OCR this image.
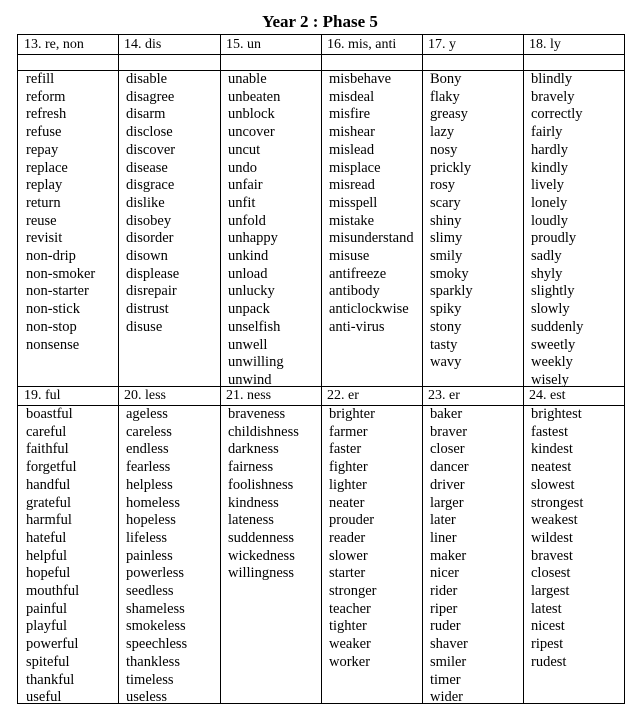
Year 2 : Phase 5
13. re, non
refill
reform
refresh
refuse
repay
replace
replay
return
reuse
revisit
non-drip
non-smoker
non-starter
non-stick
non-stop
nonsense
14. dis
disable
disagree
disarm
disclose
discover
disease
disgrace
dislike
disobey
disorder
disown
displease
disrepair
distrust
disuse
15. un
unable
unbeaten
unblock
uncover
uncut
undo
unfair
unfit
unfold
unhappy
unkind
unload
unlucky
unpack
unselfish
unwell
unwilling
unwind
16. mis, anti
misbehave
misdeal
misfire
mishear
mislead
misplace
misread
misspell
mistake
misunderstand
misuse
antifreeze
antibody
anticlockwise
anti-virus
17. y
Bony
flaky
greasy
lazy
nosy
prickly
rosy
scary
shiny
slimy
smily
smoky
sparkly
spiky
stony
tasty
wavy
18. ly
blindly
bravely
correctly
fairly
hardly
kindly
lively
lonely
loudly
proudly
sadly
shyly
slightly
slowly
suddenly
sweetly
weekly
wisely
19. ful
boastful
careful
faithful
forgetful
handful
grateful
harmful
hateful
helpful
hopeful
mouthful
painful
playful
powerful
spiteful
thankful
useful
20. less
ageless
careless
endless
fearless
helpless
homeless
hopeless
lifeless
painless
powerless
seedless
shameless
smokeless
speechless
thankless
timeless
useless
21. ness
braveness
childishness
darkness
fairness
foolishness
kindness
lateness
suddenness
wickedness
willingness
22. er
brighter
farmer
faster
fighter
lighter
neater
prouder
reader
slower
starter
stronger
teacher
tighter
weaker
worker
23. er
baker
braver
closer
dancer
driver
larger
later
liner
maker
nicer
rider
riper
ruder
shaver
smiler
timer
wider
24. est
brightest
fastest
kindest
neatest
slowest
strongest
weakest
wildest
bravest
closest
largest
latest
nicest
ripest
rudest
